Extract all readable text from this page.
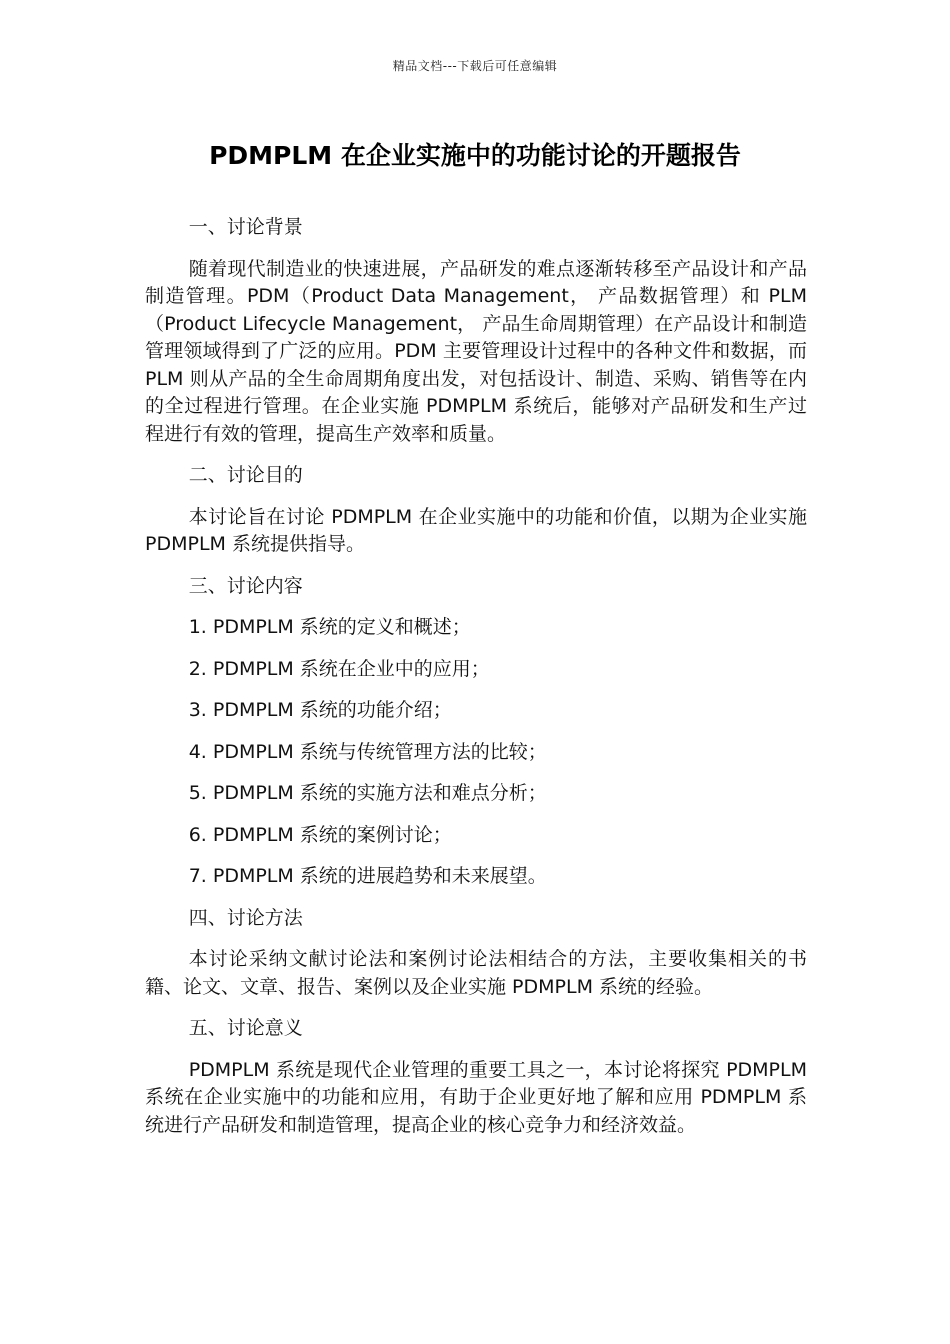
精品文档---下载后可任意编辑
PDMPLM 在企业实施中的功能讨论的开题报告

一、讨论背景

随着现代制造业的快速进展，产品研发的难点逐渐转移至产品设计和产品制造管理。PDM（Product Data Management， 产品数据管理）和 PLM（Product Lifecycle Management， 产品生命周期管理）在产品设计和制造管理领域得到了广泛的应用。PDM 主要管理设计过程中的各种文件和数据，而 PLM 则从产品的全生命周期角度出发，对包括设计、制造、采购、销售等在内的全过程进行管理。在企业实施 PDMPLM 系统后，能够对产品研发和生产过程进行有效的管理，提高生产效率和质量。

二、讨论目的

本讨论旨在讨论 PDMPLM 在企业实施中的功能和价值，以期为企业实施 PDMPLM 系统提供指导。

三、讨论内容

1. PDMPLM 系统的定义和概述；

2. PDMPLM 系统在企业中的应用；

3. PDMPLM 系统的功能介绍；

4. PDMPLM 系统与传统管理方法的比较；

5. PDMPLM 系统的实施方法和难点分析；

6. PDMPLM 系统的案例讨论；

7. PDMPLM 系统的进展趋势和未来展望。

四、讨论方法

本讨论采纳文献讨论法和案例讨论法相结合的方法，主要收集相关的书籍、论文、文章、报告、案例以及企业实施 PDMPLM 系统的经验。

五、讨论意义

PDMPLM 系统是现代企业管理的重要工具之一，本讨论将探究 PDMPLM 系统在企业实施中的功能和应用，有助于企业更好地了解和应用 PDMPLM 系统进行产品研发和制造管理，提高企业的核心竞争力和经济效益。
